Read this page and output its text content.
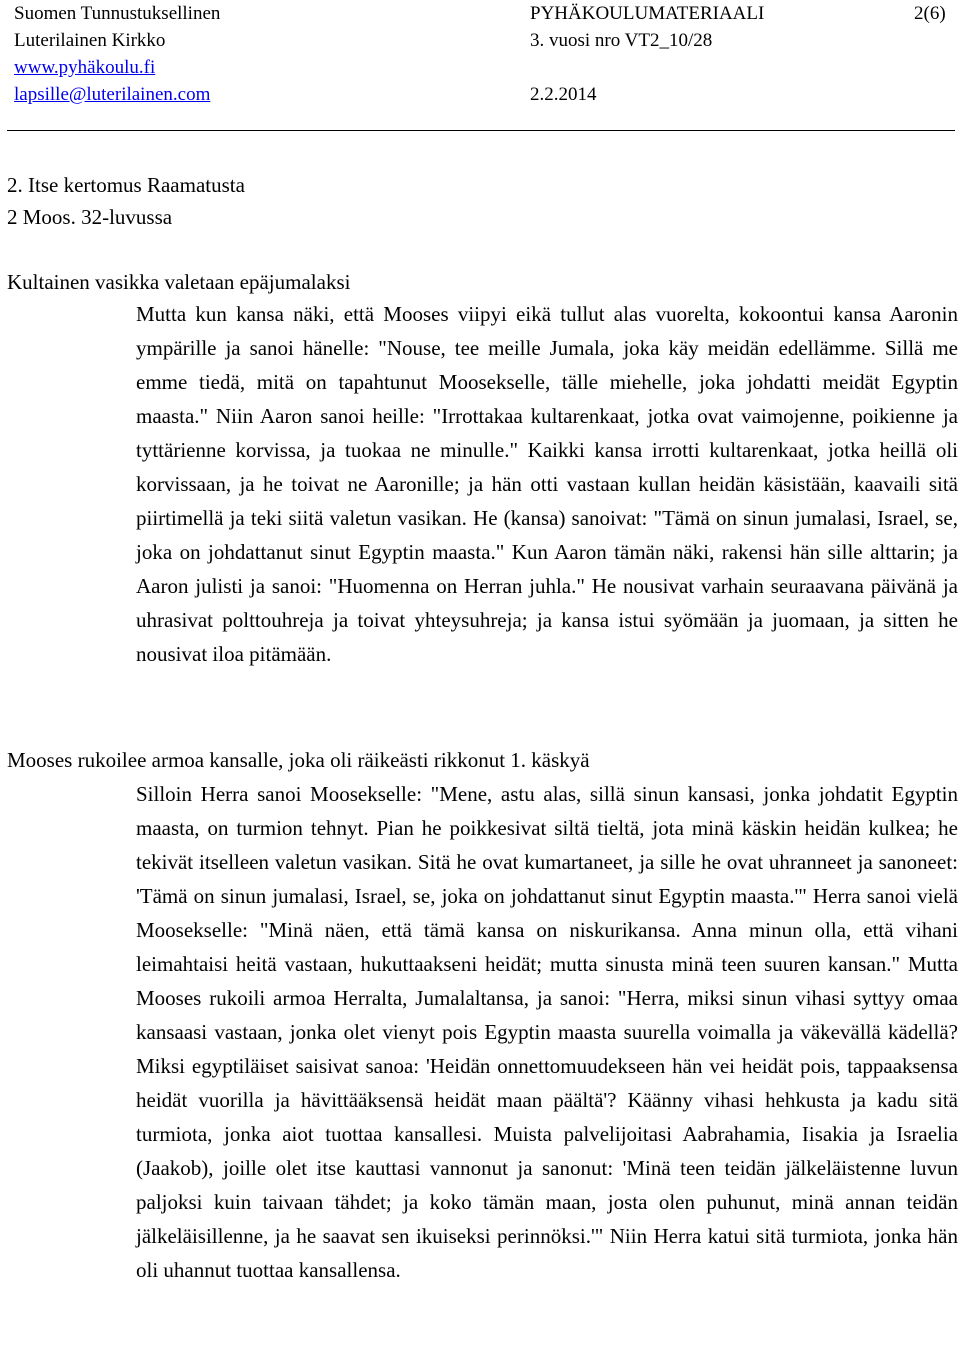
Suomen Tunnustuksellinen	PYHÄKOULUMATERIAALI	2(6)
Luterilainen Kirkko	3. vuosi nro VT2_10/28
www.pyhäkoulu.fi
lapsille@luterilainen.com	2.2.2014
2. Itse kertomus Raamatusta
2 Moos. 32-luvussa
Kultainen vasikka valetaan epäjumalaksi

Mutta kun kansa näki, että Mooses viipyi eikä tullut alas vuorelta, kokoontui kansa Aaronin ympärille ja sanoi hänelle: "Nouse, tee meille Jumala, joka käy meidän edellämme. Sillä me emme tiedä, mitä on tapahtunut Moosekselle, tälle miehelle, joka johdatti meidät Egyptin maasta." Niin Aaron sanoi heille: "Irrottakaa kultarenkaat, jotka ovat vaimojenne, poikienne ja tyttärienne korvissa, ja tuokaa ne minulle." Kaikki kansa irrotti kultarenkaat, jotka heillä oli korvissaan, ja he toivat ne Aaronille; ja hän otti vastaan kullan heidän käsistään, kaavaili sitä piirtimellä ja teki siitä valetun vasikan. He (kansa) sanoivat: "Tämä on sinun jumalasi, Israel, se, joka on johdattanut sinut Egyptin maasta." Kun Aaron tämän näki, rakensi hän sille alttarin; ja Aaron julisti ja sanoi: "Huomenna on Herran juhla." He nousivat varhain seuraavana päivänä ja uhrasivat polttouhreja ja toivat yhteysuhreja; ja kansa istui syömään ja juomaan, ja sitten he nousivat iloa pitämään.

Mooses rukoilee armoa kansalle, joka oli räikeästi rikkonut 1. käskyä

Silloin Herra sanoi Moosekselle: "Mene, astu alas, sillä sinun kansasi, jonka johdatit Egyptin maasta, on turmion tehnyt. Pian he poikkesivat siltä tieltä, jota minä käskin heidän kulkea; he tekivät itselleen valetun vasikan. Sitä he ovat kumartaneet, ja sille he ovat uhranneet ja sanoneet: 'Tämä on sinun jumalasi, Israel, se, joka on johdattanut sinut Egyptin maasta.'" Herra sanoi vielä Moosekselle: "Minä näen, että tämä kansa on niskurikansa. Anna minun olla, että vihani leimahtaisi heitä vastaan, hukuttaakseni heidät; mutta sinusta minä teen suuren kansan." Mutta Mooses rukoili armoa Herralta, Jumalaltansa, ja sanoi: "Herra, miksi sinun vihasi syttyy omaa kansaasi vastaan, jonka olet vienyt pois Egyptin maasta suurella voimalla ja väkevällä kädellä? Miksi egyptiläiset saisivat sanoa: 'Heidän onnettomuudekseen hän vei heidät pois, tappaaksensa heidät vuorilla ja hävittääksensä heidät maan päältä'? Käänny vihasi hehkusta ja kadu sitä turmiota, jonka aiot tuottaa kansallesi. Muista palvelijoitasi Aabrahamia, Iisakia ja Israelia (Jaakob), joille olet itse kauttasi vannonut ja sanonut: 'Minä teen teidän jälkeläistenne luvun paljoksi kuin taivaan tähdet; ja koko tämän maan, josta olen puhunut, minä annan teidän jälkeläisillenne, ja he saavat sen ikuiseksi perinnöksi.'" Niin Herra katui sitä turmiota, jonka hän oli uhannut tuottaa kansallensa.
